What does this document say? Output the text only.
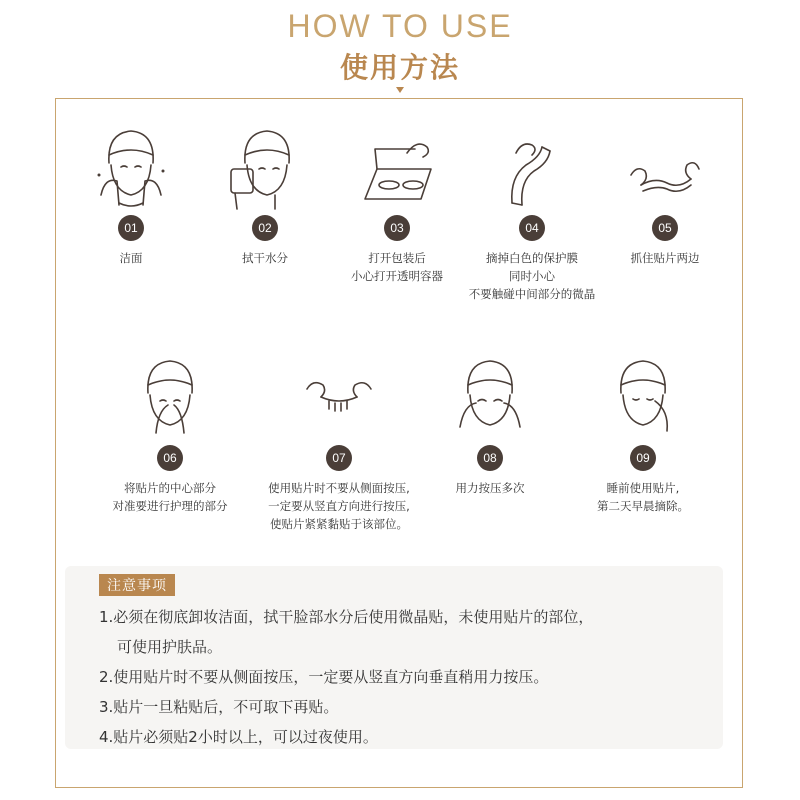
HOW TO USE
使用方法
01
洁面
02
拭干水分
03
打开包装后
小心打开透明容器
04
摘掉白色的保护膜
同时小心
不要触碰中间部分的微晶
05
抓住贴片两边
06
将贴片的中心部分
对准要进行护理的部分
07
使用贴片时不要从侧面按压,
一定要从竖直方向进行按压,
使贴片紧紧黏贴于该部位。
08
用力按压多次
09
睡前使用贴片,
第二天早晨摘除。
注意事项
1.必须在彻底卸妆洁面，拭干脸部水分后使用微晶贴，未使用贴片的部位，
可使用护肤品。
2.使用贴片时不要从侧面按压，一定要从竖直方向垂直稍用力按压。
3.贴片一旦粘贴后，不可取下再贴。
4.贴片必须贴2小时以上，可以过夜使用。
